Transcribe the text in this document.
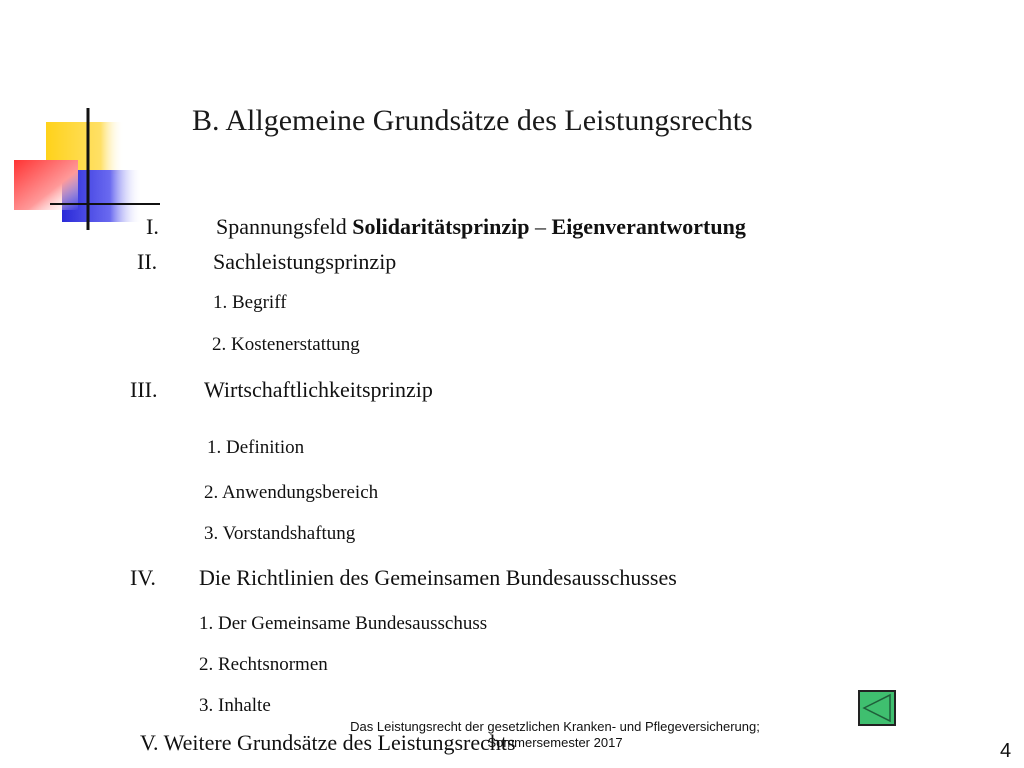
B. Allgemeine Grundsätze des Leistungsrechts
I.	Spannungsfeld Solidaritätsprinzip – Eigenverantwortung
II.	Sachleistungsprinzip
1. Begriff
2. Kostenerstattung
III. Wirtschaftlichkeitsprinzip
1. Definition
2. Anwendungsbereich
3. Vorstandshaftung
IV. Die Richtlinien des Gemeinsamen Bundesausschusses
1. Der Gemeinsame Bundesausschuss
2. Rechtsnormen
3. Inhalte
V. Weitere Grundsätze des Leistungsrechts
Das Leistungsrecht der gesetzlichen Kranken- und Pflegeversicherung;
Sommersemester 2017	4
